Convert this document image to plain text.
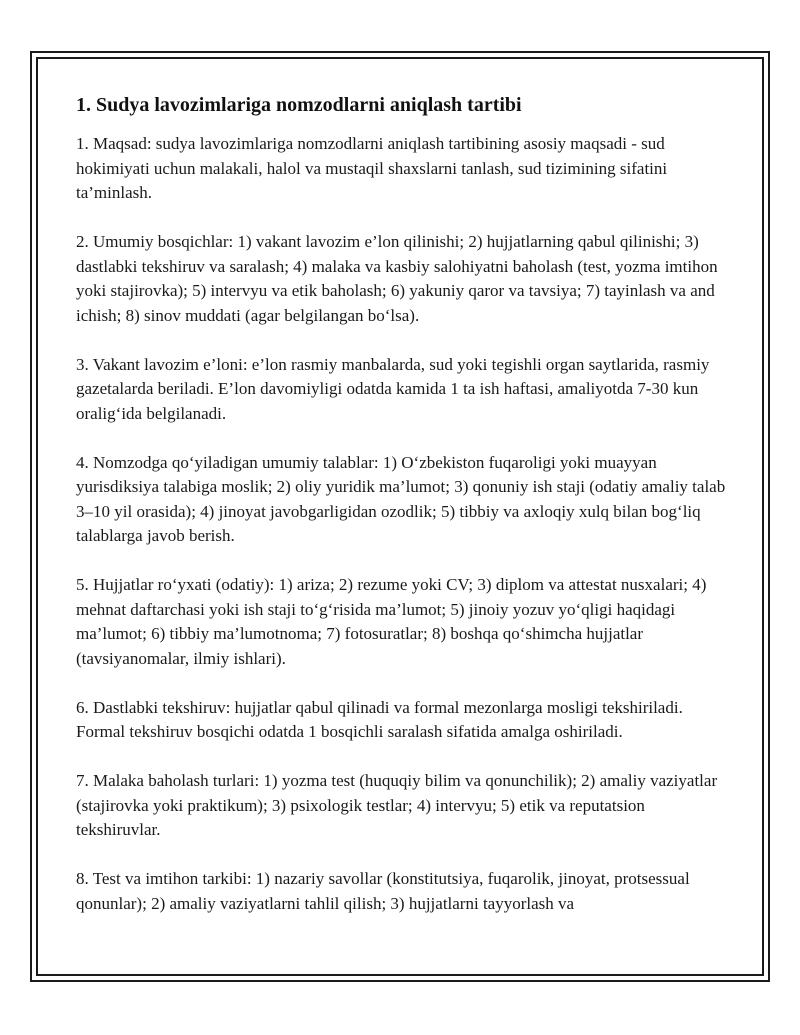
1. Sudya lavozimlariga nomzodlarni aniqlash tartibi

1. Maqsad: sudya lavozimlariga nomzodlarni aniqlash tartibining asosiy maqsadi - sud hokimiyati uchun malakali, halol va mustaqil shaxslarni tanlash, sud tizimining sifatini ta’minlash.

2. Umumiy bosqichlar: 1) vakant lavozim e’lon qilinishi; 2) hujjatlarning qabul qilinishi; 3) dastlabki tekshiruv va saralash; 4) malaka va kasbiy salohiyatni baholash (test, yozma imtihon yoki stajirovka); 5) intervyu va etik baholash; 6) yakuniy qaror va tavsiya; 7) tayinlash va and ichish; 8) sinov muddati (agar belgilangan bo‘lsa).

3. Vakant lavozim e’loni: e’lon rasmiy manbalarda, sud yoki tegishli organ saytlarida, rasmiy gazetalarda beriladi. E’lon davomiyligi odatda kamida 1 ta ish haftasi, amaliyotda 7-30 kun oralig‘ida belgilanadi.

4. Nomzodga qo‘yiladigan umumiy talablar: 1) O‘zbekiston fuqaroligi yoki muayyan yurisdiksiya talabiga moslik; 2) oliy yuridik ma’lumot; 3) qonuniy ish staji (odatiy amaliy talab 3–10 yil orasida); 4) jinoyat javobgarligidan ozodlik; 5) tibbiy va axloqiy xulq bilan bog‘liq talablarga javob berish.

5. Hujjatlar ro‘yxati (odatiy): 1) ariza; 2) rezume yoki CV; 3) diplom va attestat nusxalari; 4) mehnat daftarchasi yoki ish staji to‘g‘risida ma’lumot; 5) jinoiy yozuv yo‘qligi haqidagi ma’lumot; 6) tibbiy ma’lumotnoma; 7) fotosuratlar; 8) boshqa qo‘shimcha hujjatlar (tavsiyanomalar, ilmiy ishlari).

6. Dastlabki tekshiruv: hujjatlar qabul qilinadi va formal mezonlarga mosligi tekshiriladi. Formal tekshiruv bosqichi odatda 1 bosqichli saralash sifatida amalga oshiriladi.

7. Malaka baholash turlari: 1) yozma test (huquqiy bilim va qonunchilik); 2) amaliy vaziyatlar (stajirovka yoki praktikum); 3) psixologik testlar; 4) intervyu; 5) etik va reputatsion tekshiruvlar.

8. Test va imtihon tarkibi: 1) nazariy savollar (konstitutsiya, fuqarolik, jinoyat, protsessual qonunlar); 2) amaliy vaziyatlarni tahlil qilish; 3) hujjatlarni tayyorlash va
